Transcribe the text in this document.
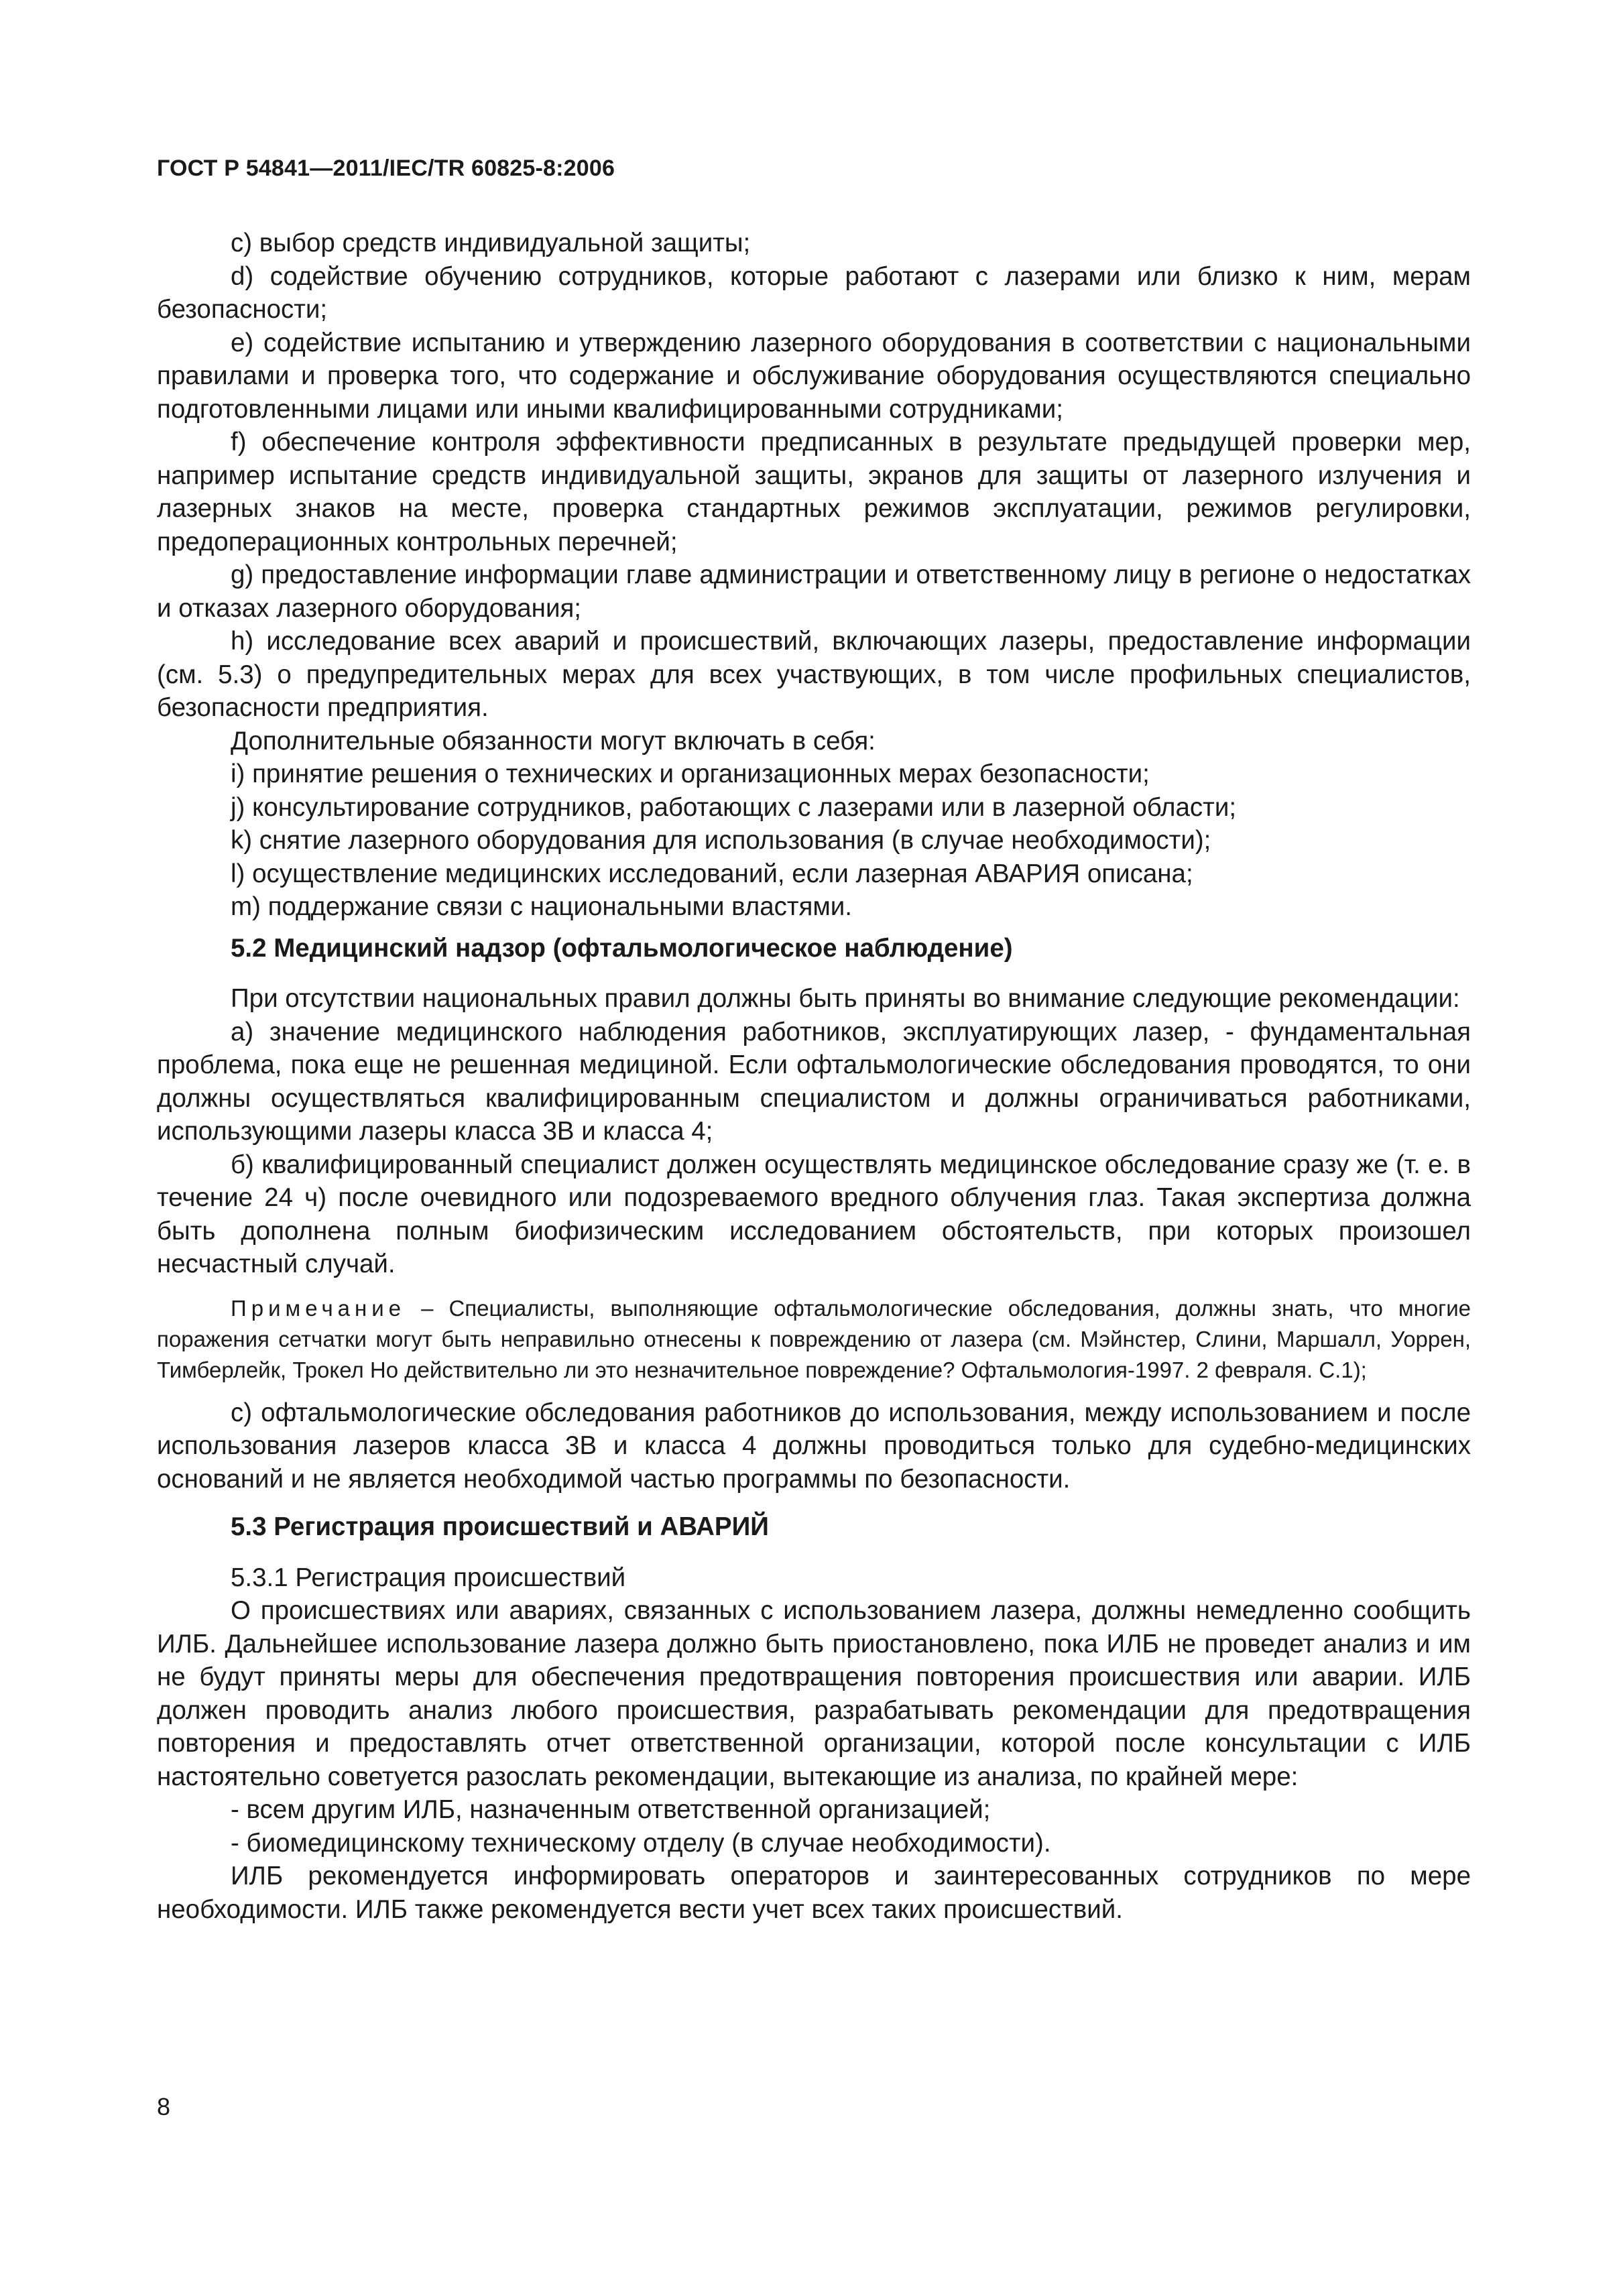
ГОСТ Р 54841—2011/IEC/TR 60825-8:2006

c) выбор средств индивидуальной защиты;

d) содействие обучению сотрудников, которые работают с лазерами или близко к ним, мерам безопасности;

e) содействие испытанию и утверждению лазерного оборудования в соответствии с национальными правилами и проверка того, что содержание и обслуживание оборудования осуществляются специально подготовленными лицами или иными квалифицированными сотрудниками;

f) обеспечение контроля эффективности предписанных в результате предыдущей проверки мер, например испытание средств индивидуальной защиты, экранов для защиты от лазерного излучения и лазерных знаков на месте, проверка стандартных режимов эксплуатации, режимов регулировки, предоперационных контрольных перечней;

g) предоставление информации главе администрации и ответственному лицу в регионе о недостатках и отказах лазерного оборудования;

h) исследование всех аварий и происшествий, включающих лазеры, предоставление информации (см. 5.3) о предупредительных мерах для всех участвующих, в том числе профильных специалистов, безопасности предприятия.

Дополнительные обязанности могут включать в себя:

i) принятие решения о технических и организационных мерах безопасности;

j) консультирование сотрудников, работающих с лазерами или в лазерной области;

k) снятие лазерного оборудования для использования (в случае необходимости);

l) осуществление медицинских исследований, если лазерная АВАРИЯ описана;

m) поддержание связи с национальными властями.

5.2 Медицинский надзор (офтальмологическое наблюдение)

При отсутствии национальных правил должны быть приняты во внимание следующие рекомендации:

а) значение медицинского наблюдения работников, эксплуатирующих лазер, - фундаментальная проблема, пока еще не решенная медициной. Если офтальмологические обследования проводятся, то они должны осуществляться квалифицированным специалистом и должны ограничиваться работниками, использующими лазеры класса 3В и класса 4;

б) квалифицированный специалист должен осуществлять медицинское обследование сразу же (т. е. в течение 24 ч) после очевидного или подозреваемого вредного облучения глаз. Такая экспертиза должна быть дополнена полным биофизическим исследованием обстоятельств, при которых произошел несчастный случай.

Примечание – Специалисты, выполняющие офтальмологические обследования, должны знать, что многие поражения сетчатки могут быть неправильно отнесены к повреждению от лазера (см. Мэйнстер, Слини, Маршалл, Уоррен, Тимберлейк, Трокел Но действительно ли это незначительное повреждение? Офтальмология-1997. 2 февраля. С.1);

с) офтальмологические обследования работников до использования, между использованием и после использования лазеров класса 3В и класса 4 должны проводиться только для судебно-медицинских оснований и не является необходимой частью программы по безопасности.

5.3 Регистрация происшествий и АВАРИЙ

5.3.1 Регистрация происшествий

О происшествиях или авариях, связанных с использованием лазера, должны немедленно сообщить ИЛБ. Дальнейшее использование лазера должно быть приостановлено, пока ИЛБ не проведет анализ и им не будут приняты меры для обеспечения предотвращения повторения происшествия или аварии. ИЛБ должен проводить анализ любого происшествия, разрабатывать рекомендации для предотвращения повторения и предоставлять отчет ответственной организации, которой после консультации с ИЛБ настоятельно советуется разослать рекомендации, вытекающие из анализа, по крайней мере:

- всем другим ИЛБ, назначенным ответственной организацией;

- биомедицинскому техническому отделу (в случае необходимости).

ИЛБ рекомендуется информировать операторов и заинтересованных сотрудников по мере необходимости. ИЛБ также рекомендуется вести учет всех таких происшествий.

8
